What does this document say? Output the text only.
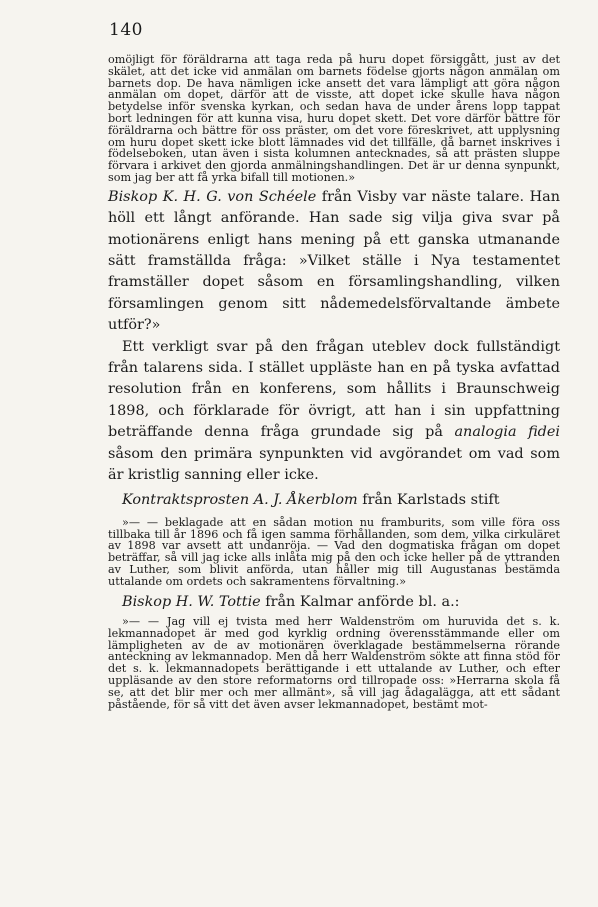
140

omöjligt för föräldrarna att taga reda på huru dopet försiggått, just av det skälet, att det icke vid anmälan om barnets födelse gjorts någon anmälan om barnets dop. De hava nämligen icke ansett det vara lämpligt att göra någon anmälan om dopet, därför att de visste, att dopet icke skulle hava någon betydelse inför svenska kyrkan, och sedan hava de under årens lopp tappat bort ledningen för att kunna visa, huru dopet skett. Det vore därför bättre för föräldrarna och bättre för oss präster, om det vore föreskrivet, att upplysning om huru dopet skett icke blott lämnades vid det tillfälle, då barnet inskrives i födelseboken, utan även i sista kolumnen antecknades, så att prästen sluppe förvara i arkivet den gjorda anmälningshandlingen. Det är ur denna synpunkt, som jag ber att få yrka bifall till motionen.»

Biskop K. H. G. von Schéele från Visby var näste talare. Han höll ett långt anförande. Han sade sig vilja giva svar på motionärens enligt hans mening på ett ganska utmanande sätt framställda fråga: »Vilket ställe i Nya testamentet framställer dopet såsom en församlingshandling, vilken församlingen genom sitt nådemedelsförvaltande ämbete utför?»

Ett verkligt svar på den frågan uteblev dock fullständigt från talarens sida. I stället uppläste han en på tyska avfattad resolution från en konferens, som hållits i Braunschweig 1898, och förklarade för övrigt, att han i sin uppfattning beträffande denna fråga grundade sig på analogia fidei såsom den primära synpunkten vid avgörandet om vad som är kristlig sanning eller icke.

Kontraktsprosten A. J. Åkerblom från Karlstads stift

»— — beklagade att en sådan motion nu framburits, som ville föra oss tillbaka till år 1896 och få igen samma förhållanden, som dem, vilka cirkuläret av 1898 var avsett att undanröja. — Vad den dogmatiska frågan om dopet beträffar, så vill jag icke alls inlåta mig på den och icke heller på de yttranden av Luther, som blivit anförda, utan håller mig till Augustanas bestämda uttalande om ordets och sakramentens förvaltning.»

Biskop H. W. Tottie från Kalmar anförde bl. a.:

»— — Jag vill ej tvista med herr Waldenström om huruvida det s. k. lekmannadopet är med god kyrklig ordning överensstämmande eller om lämpligheten av de av motionären överklagade bestämmelserna rörande anteckning av lekmannadop. Men då herr Waldenström sökte att finna stöd för det s. k. lekmannadopets berättigande i ett uttalande av Luther, och efter uppläsande av den store reformatorns ord tillropade oss: »Herrarna skola få se, att det blir mer och mer allmänt», så vill jag ådagalägga, att ett sådant påstående, för så vitt det även avser lekmannadopet, bestämt mot-
